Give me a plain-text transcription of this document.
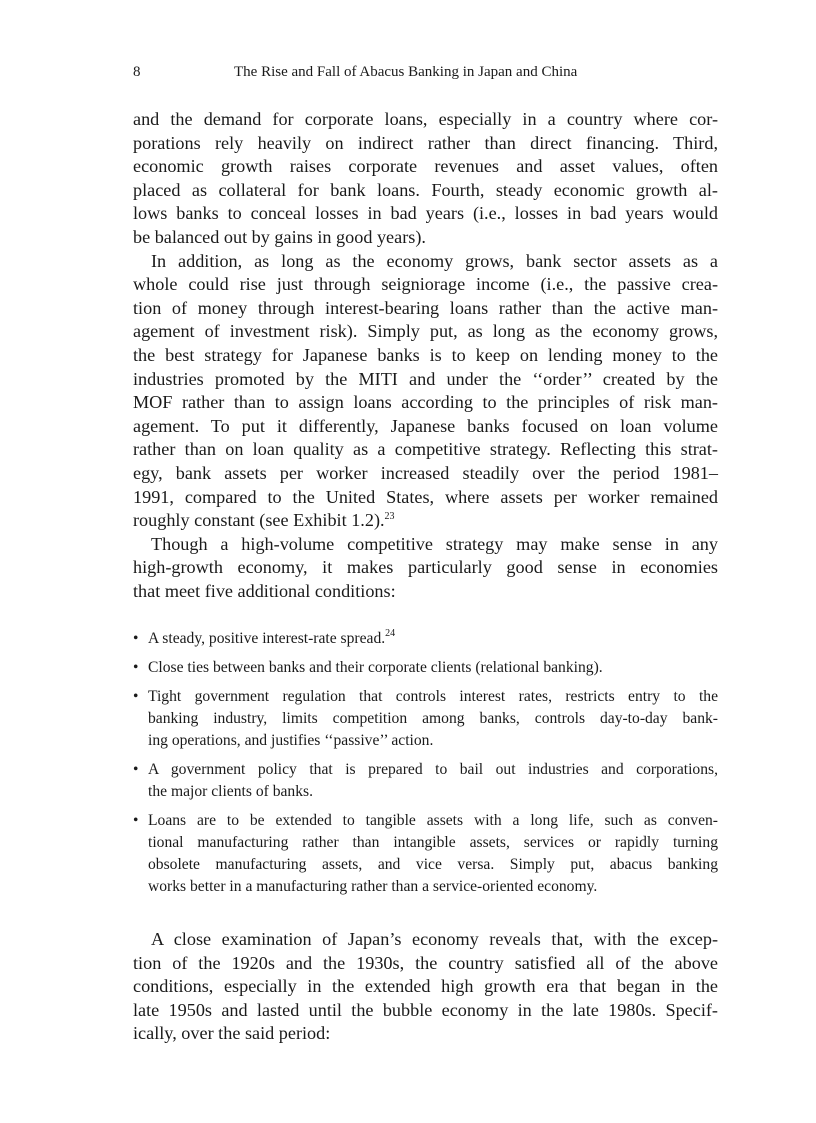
8	The Rise and Fall of Abacus Banking in Japan and China
and the demand for corporate loans, especially in a country where cor-
porations rely heavily on indirect rather than direct financing. Third,
economic growth raises corporate revenues and asset values, often
placed as collateral for bank loans. Fourth, steady economic growth al-
lows banks to conceal losses in bad years (i.e., losses in bad years would
be balanced out by gains in good years).
In addition, as long as the economy grows, bank sector assets as a
whole could rise just through seigniorage income (i.e., the passive crea-
tion of money through interest-bearing loans rather than the active man-
agement of investment risk). Simply put, as long as the economy grows,
the best strategy for Japanese banks is to keep on lending money to the
industries promoted by the MITI and under the ‘‘order’’ created by the
MOF rather than to assign loans according to the principles of risk man-
agement. To put it differently, Japanese banks focused on loan volume
rather than on loan quality as a competitive strategy. Reflecting this strat-
egy, bank assets per worker increased steadily over the period 1981–
1991, compared to the United States, where assets per worker remained
roughly constant (see Exhibit 1.2).$^{23}$
Though a high-volume competitive strategy may make sense in any
high-growth economy, it makes particularly good sense in economies
that meet five additional conditions:
• A steady, positive interest-rate spread.$^{24}$
• Close ties between banks and their corporate clients (relational banking).
• Tight government regulation that controls interest rates, restricts entry to the
banking industry, limits competition among banks, controls day-to-day bank-
ing operations, and justifies ‘‘passive’’ action.
• A government policy that is prepared to bail out industries and corporations,
the major clients of banks.
• Loans are to be extended to tangible assets with a long life, such as conven-
tional manufacturing rather than intangible assets, services or rapidly turning
obsolete manufacturing assets, and vice versa. Simply put, abacus banking
works better in a manufacturing rather than a service-oriented economy.
A close examination of Japan’s economy reveals that, with the excep-
tion of the 1920s and the 1930s, the country satisfied all of the above
conditions, especially in the extended high growth era that began in the
late 1950s and lasted until the bubble economy in the late 1980s. Specif-
ically, over the said period:
